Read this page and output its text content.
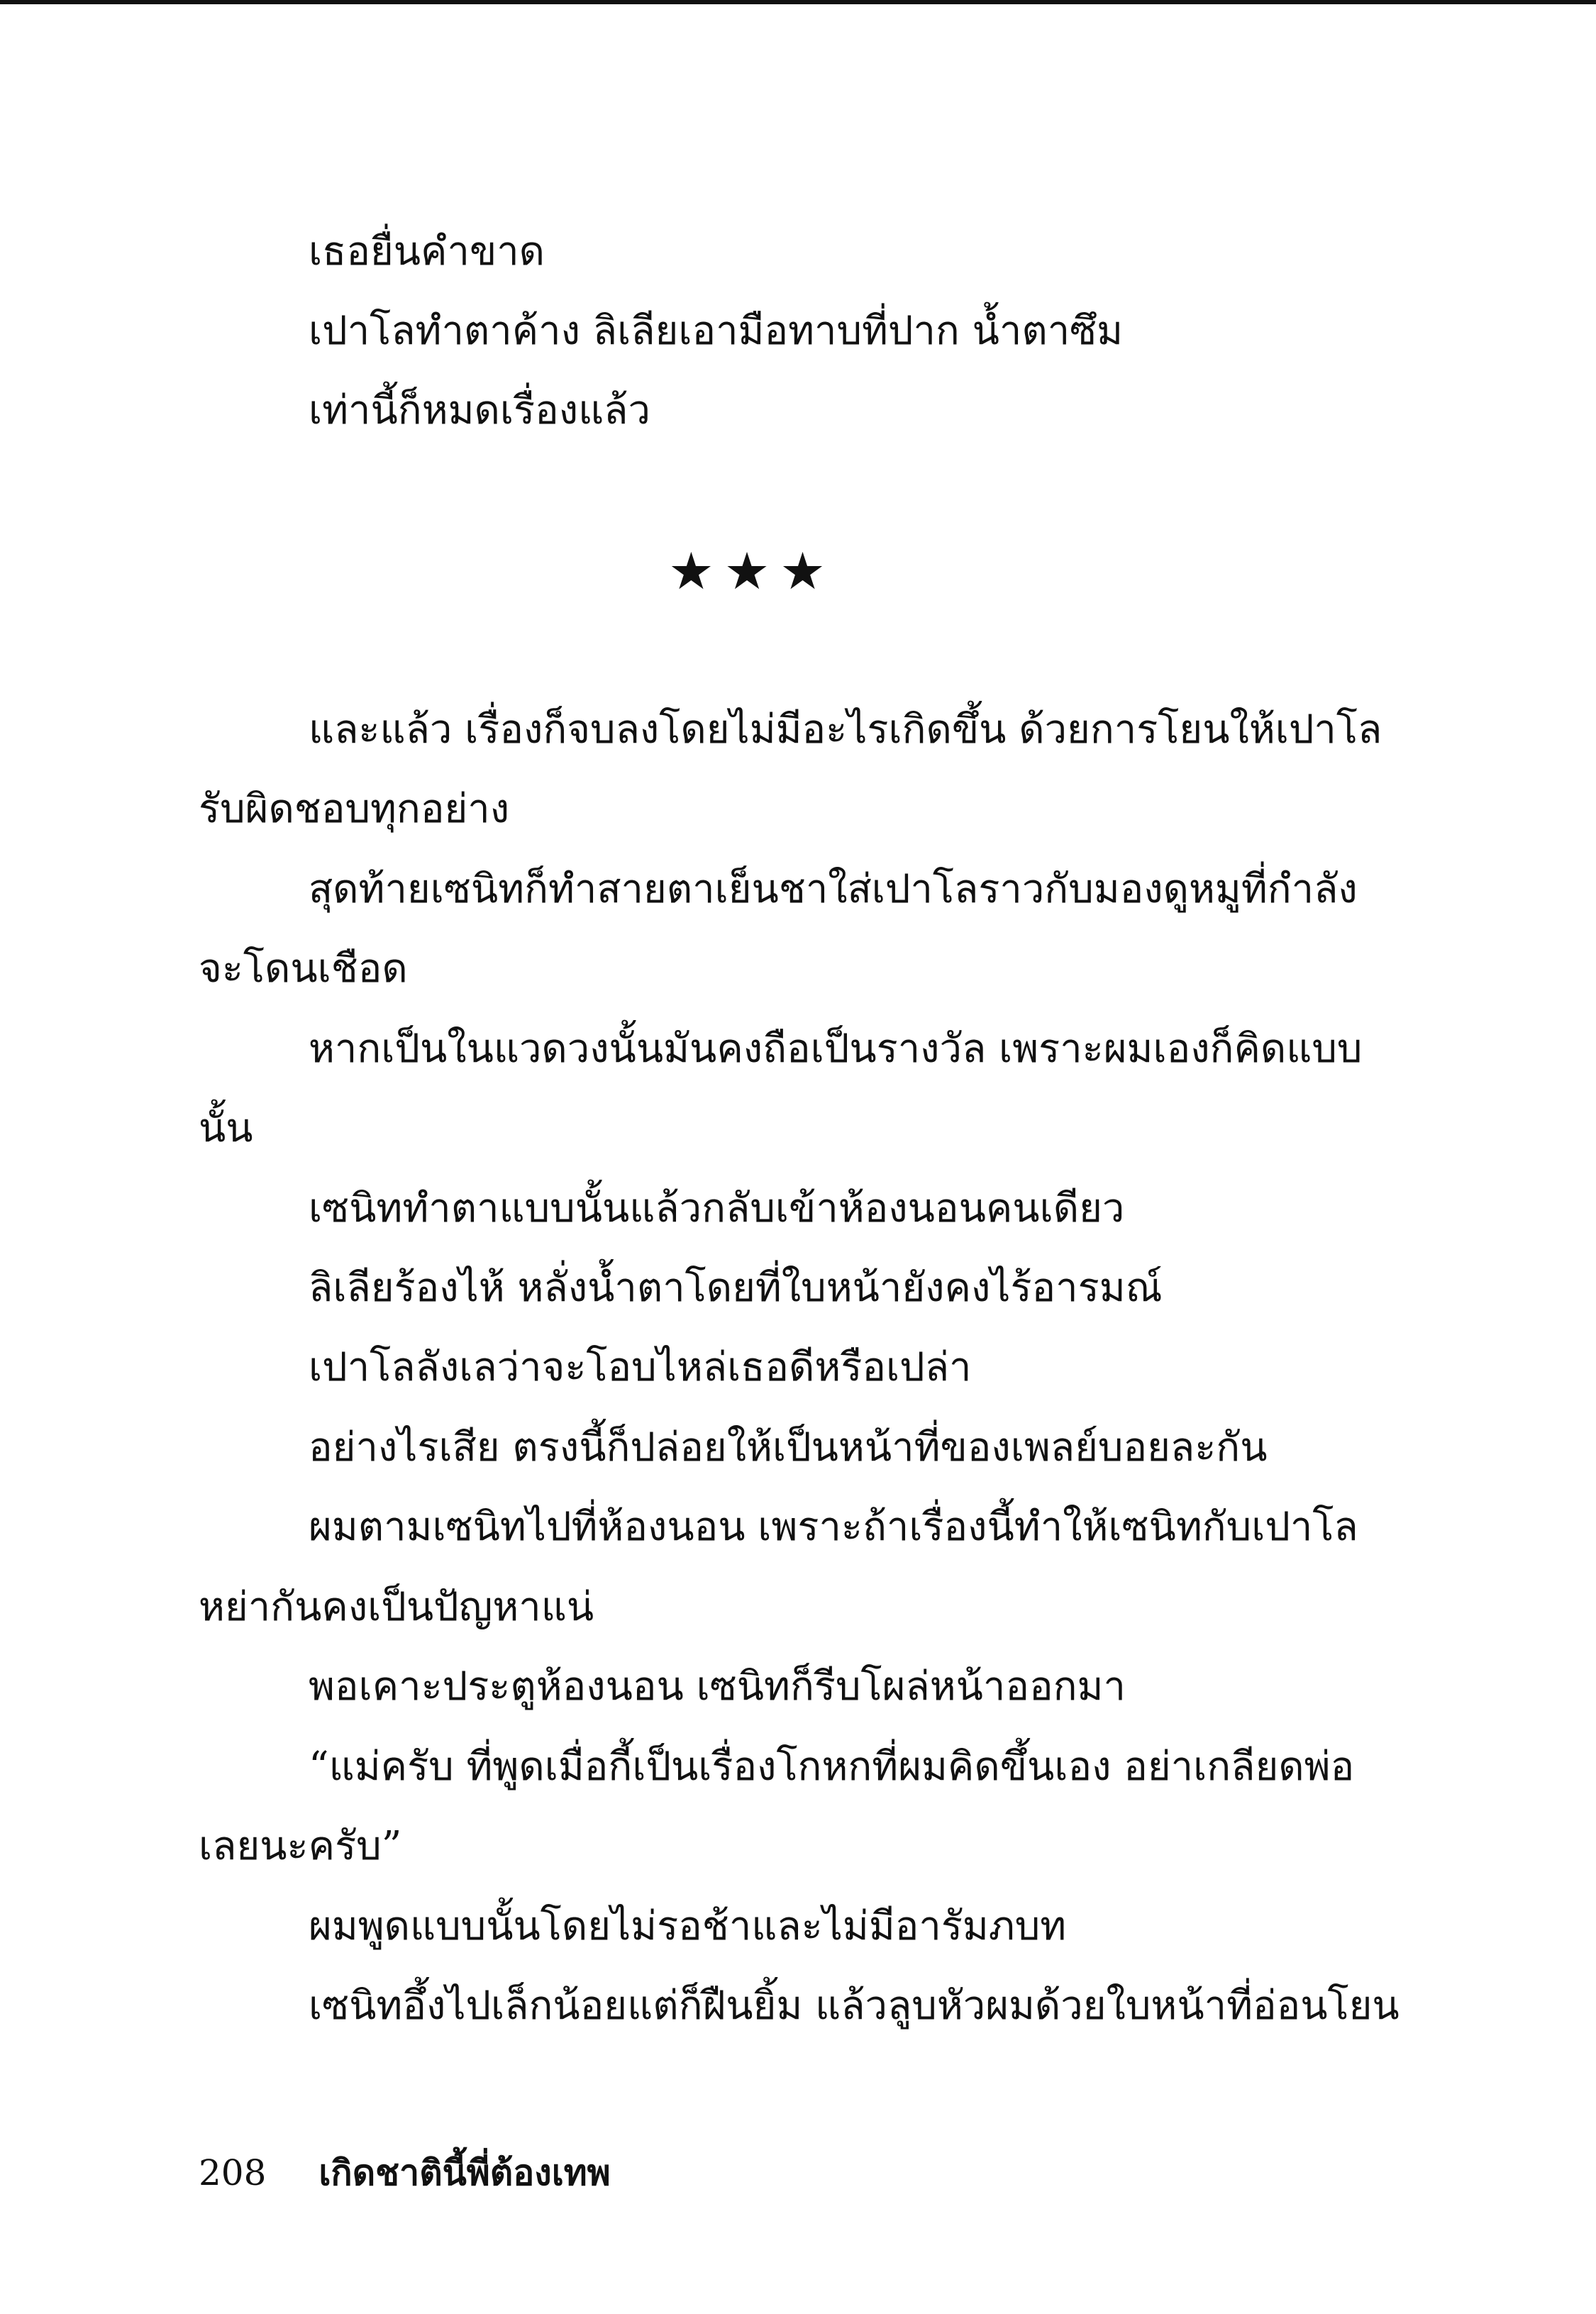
เธอยื่นคำขาด
เปาโลทำตาค้าง ลิเลียเอามือทาบที่ปาก น้ำตาซึม
เท่านี้ก็หมดเรื่องแล้ว
★★★
และแล้ว เรื่องก็จบลงโดยไม่มีอะไรเกิดขึ้น ด้วยการโยนให้เปาโล
รับผิดชอบทุกอย่าง
สุดท้ายเซนิทก็ทำสายตาเย็นชาใส่เปาโลราวกับมองดูหมูที่กำลัง
จะโดนเชือด
หากเป็นในแวดวงนั้นมันคงถือเป็นรางวัล เพราะผมเองก็คิดแบบ
นั้น
เซนิททำตาแบบนั้นแล้วกลับเข้าห้องนอนคนเดียว
ลิเลียร้องไห้ หลั่งน้ำตาโดยที่ใบหน้ายังคงไร้อารมณ์
เปาโลลังเลว่าจะโอบไหล่เธอดีหรือเปล่า
อย่างไรเสีย ตรงนี้ก็ปล่อยให้เป็นหน้าที่ของเพลย์บอยละกัน
ผมตามเซนิทไปที่ห้องนอน เพราะถ้าเรื่องนี้ทำให้เซนิทกับเปาโล
หย่ากันคงเป็นปัญหาแน่
พอเคาะประตูห้องนอน เซนิทก็รีบโผล่หน้าออกมา
“แม่ครับ ที่พูดเมื่อกี้เป็นเรื่องโกหกที่ผมคิดขึ้นเอง อย่าเกลียดพ่อ
เลยนะครับ”
ผมพูดแบบนั้นโดยไม่รอช้าและไม่มีอารัมภบท
เซนิทอึ้งไปเล็กน้อยแต่ก็ฝืนยิ้ม แล้วลูบหัวผมด้วยใบหน้าที่อ่อนโยน
208 เกิดชาตินี้พี่ต้องเทพ
